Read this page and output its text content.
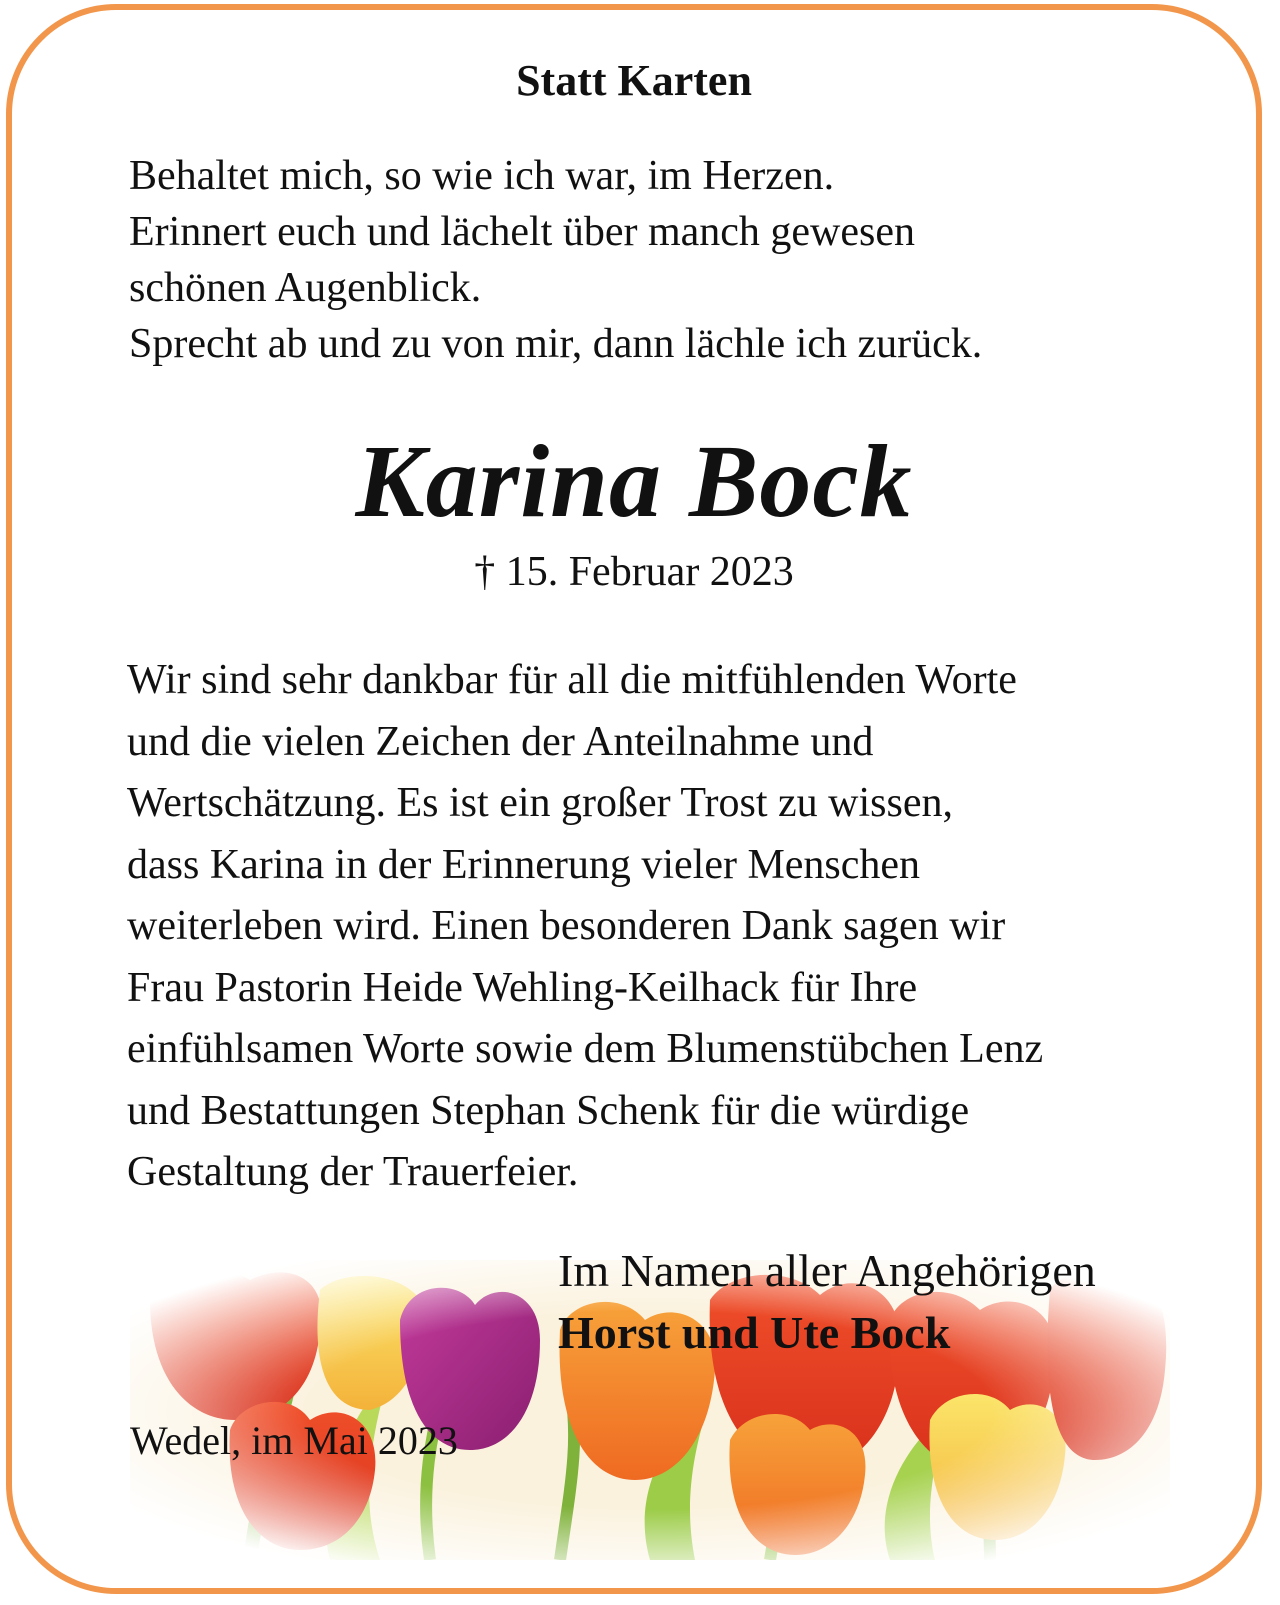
Statt Karten
Behaltet mich, so wie ich war, im Herzen.
Erinnert euch und lächelt über manch gewesen
schönen Augenblick.
Sprecht ab und zu von mir, dann lächle ich zurück.
Karina Bock
† 15. Februar 2023
Wir sind sehr dankbar für all die mitfühlenden Worte
und die vielen Zeichen der Anteilnahme und
Wertschätzung. Es ist ein großer Trost zu wissen,
dass Karina in der Erinnerung vieler Menschen
weiterleben wird. Einen besonderen Dank sagen wir
Frau Pastorin Heide Wehling-Keilhack für Ihre
einfühlsamen Worte sowie dem Blumenstübchen Lenz
und Bestattungen Stephan Schenk für die würdige
Gestaltung der Trauerfeier.
Im Namen aller Angehörigen
Horst und Ute Bock
Wedel, im Mai 2023
